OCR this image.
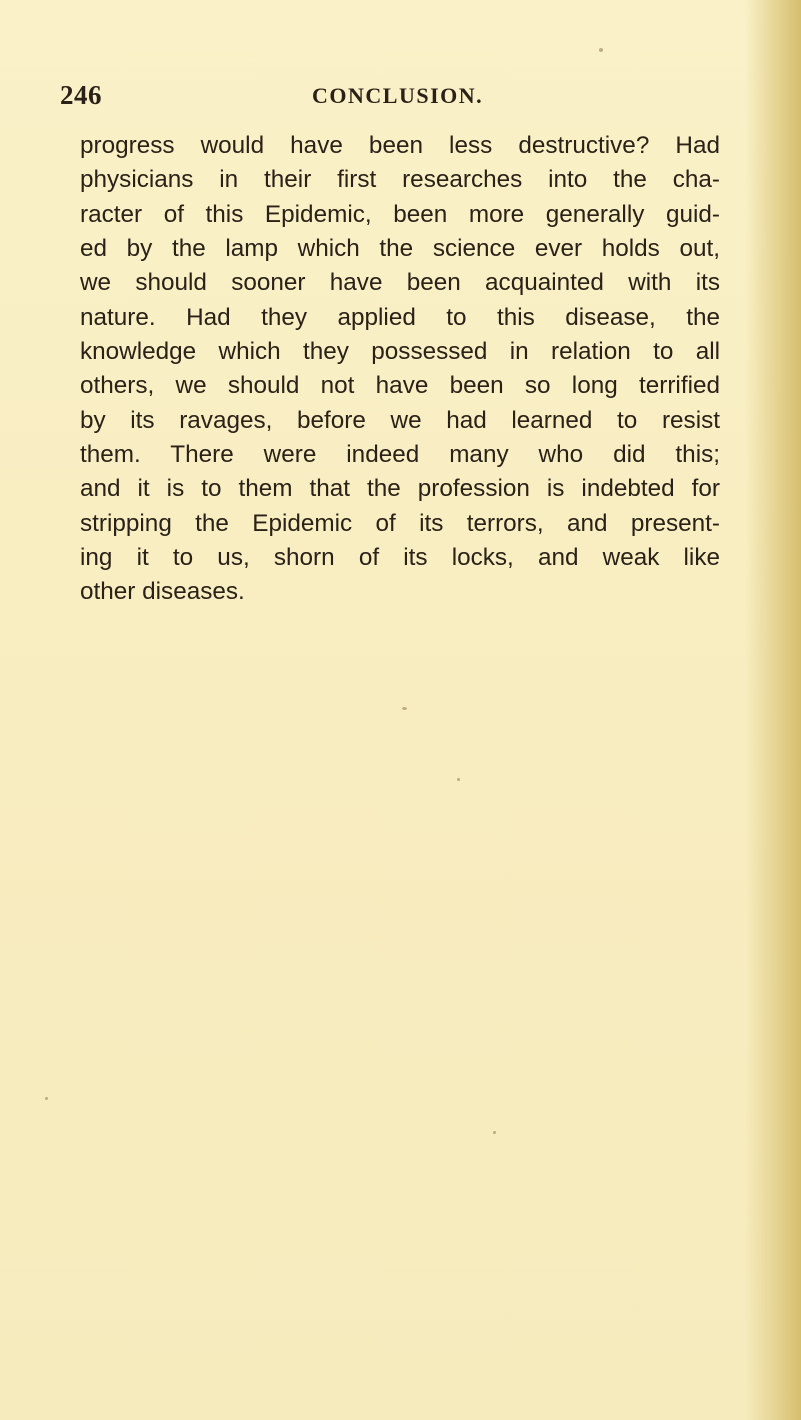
246	CONCLUSION.
progress would have been less destructive? Had
physicians in their first researches into the cha-
racter of this Epidemic, been more generally guid-
ed by the lamp which the science ever holds out,
we should sooner have been acquainted with its
nature. Had they applied to this disease, the
knowledge which they possessed in relation to all
others, we should not have been so long terrified
by its ravages, before we had learned to resist
them. There were indeed many who did this;
and it is to them that the profession is indebted for
stripping the Epidemic of its terrors, and present-
ing it to us, shorn of its locks, and weak like
other diseases.
